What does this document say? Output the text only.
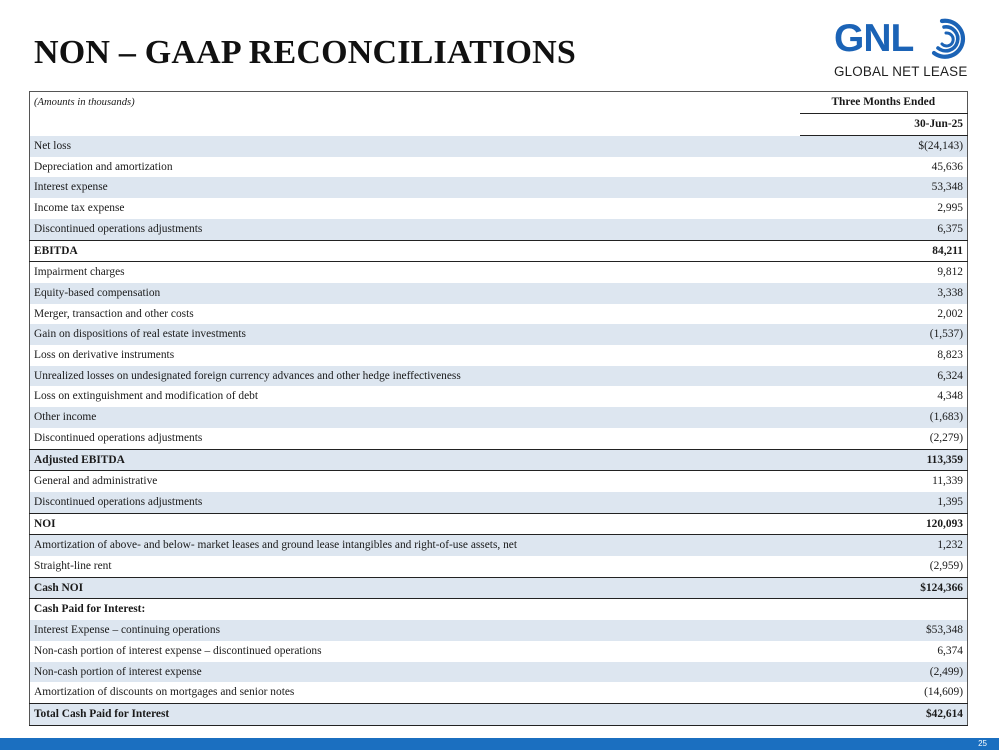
NON – GAAP RECONCILIATIONS	GNL
GLOBAL NET LEASE
(Amounts in thousands)	Three Months Ended
	30-Jun-25
Net loss	$(24,143)
Depreciation and amortization	45,636
Interest expense	53,348
Income tax expense	2,995
Discontinued operations adjustments	6,375
EBITDA	84,211
Impairment charges	9,812
Equity-based compensation	3,338
Merger, transaction and other costs	2,002
Gain on dispositions of real estate investments	(1,537)
Loss on derivative instruments	8,823
Unrealized losses on undesignated foreign currency advances and other hedge ineffectiveness	6,324
Loss on extinguishment and modification of debt	4,348
Other income	(1,683)
Discontinued operations adjustments	(2,279)
Adjusted EBITDA	113,359
General and administrative	11,339
Discontinued operations adjustments	1,395
NOI	120,093
Amortization of above- and below- market leases and ground lease intangibles and right-of-use assets, net	1,232
Straight-line rent	(2,959)
Cash NOI	$124,366
Cash Paid for Interest:	
Interest Expense – continuing operations	$53,348
Non-cash portion of interest expense – discontinued operations	6,374
Non-cash portion of interest expense	(2,499)
Amortization of discounts on mortgages and senior notes	(14,609)
Total Cash Paid for Interest	$42,614
25
